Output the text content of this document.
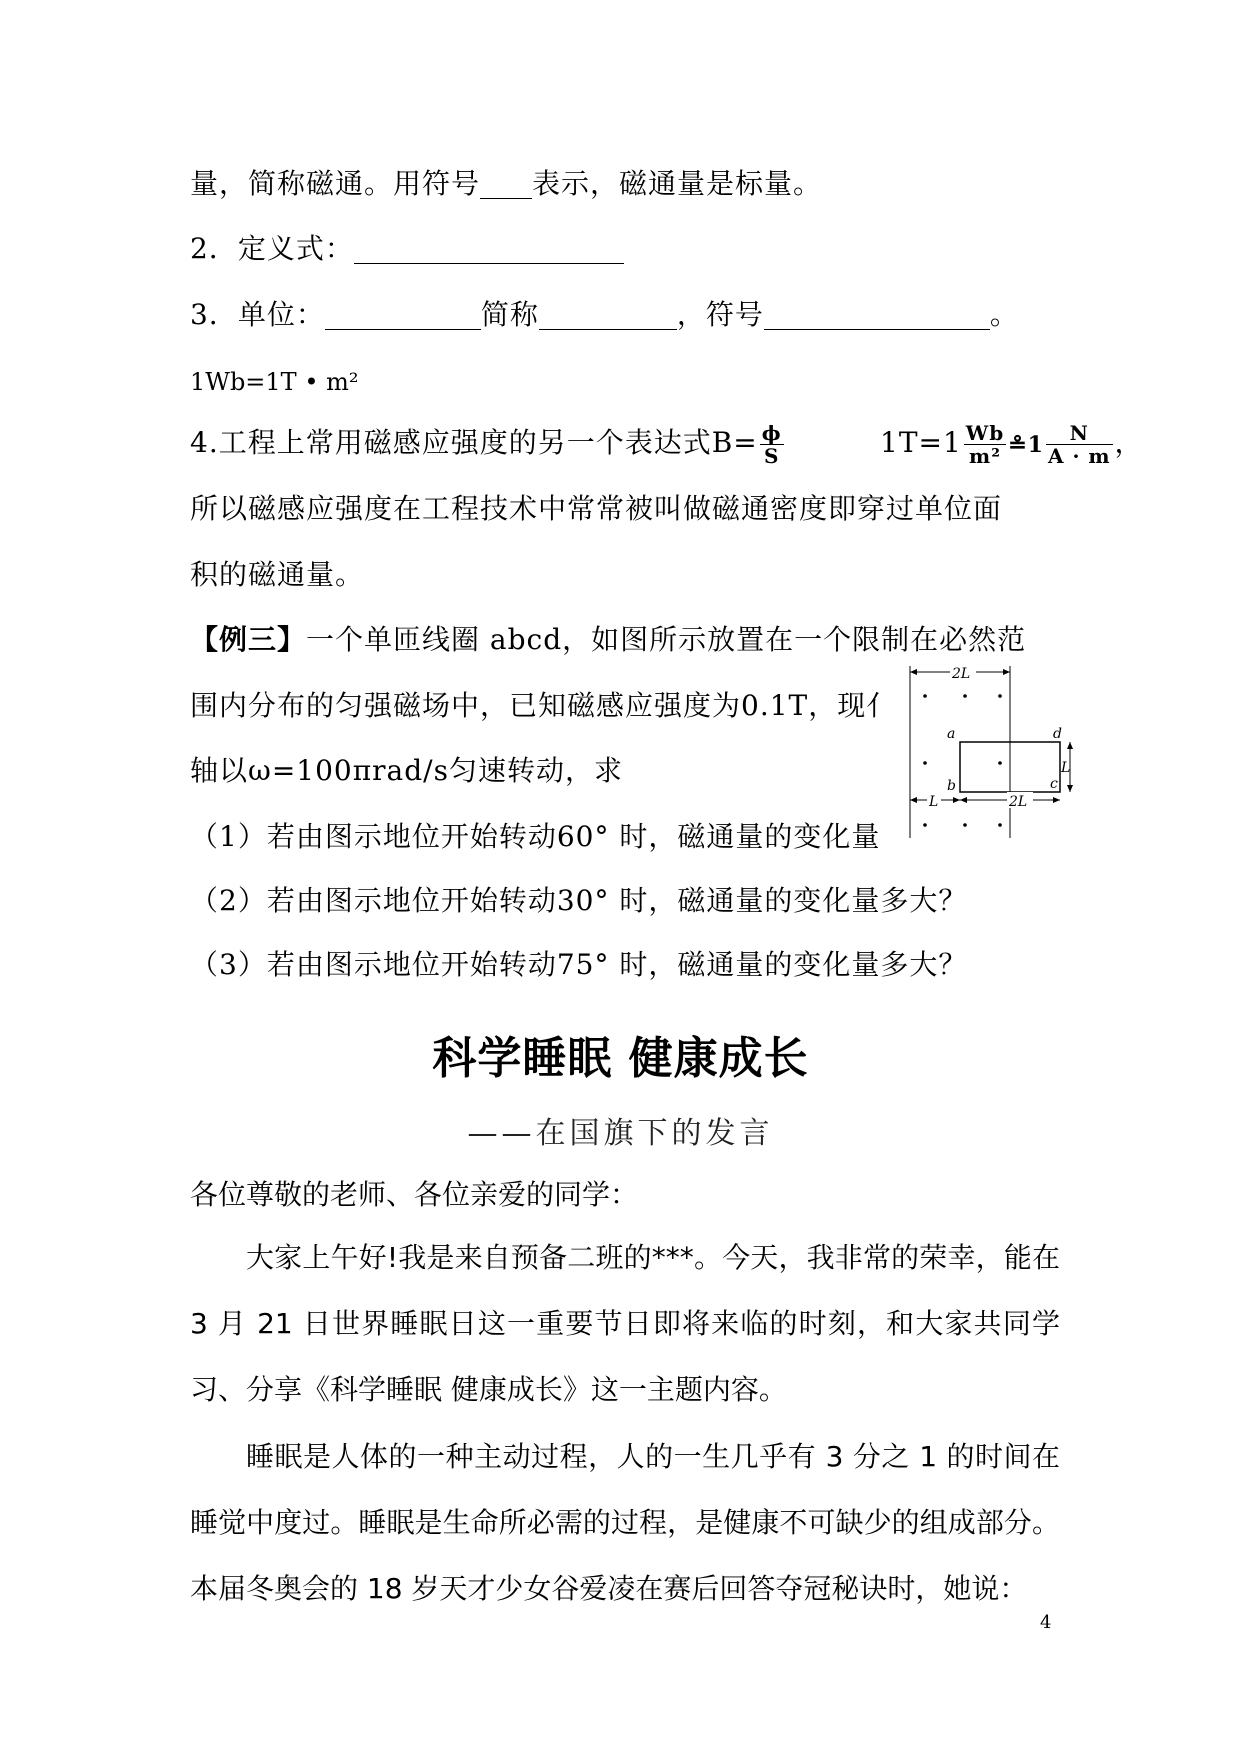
量，简称磁通。用符号 表示，磁通量是标量。
2．定义式：
3．单位：	简称	，符号	。
1Wb=1T • m²
4.工程上常用磁感应强度的另一个表达式$B= \frac{\phi}{S}$	$1T=1 \frac{Wb}{\text{m²}}$ ≗1 $\frac{N}{A \cdot m}$ ，
所以磁感应强度在工程技术中常常被叫做磁通密度即穿过单位面
积的磁通量。
【例三】一个单匝线圈 abcd，如图所示放置在一个限制在必然范
围内分布的匀强磁场中，已知磁感应强度为0.1T，现亻
轴以ω=100πrad/s匀速转动，求
（1）若由图示地位开始转动60° 时，磁通量的变化量
（2）若由图示地位开始转动30° 时，磁通量的变化量多大？
（3）若由图示地位开始转动75° 时，磁通量的变化量多大？
2L
a
b	c
d
L
2L
L
科学睡眠 健康成长
——在国旗下的发言
各位尊敬的老师、各位亲爱的同学：
大家上午好!我是来自预备二班的***。今天，我非常的荣幸，能在 3 月 21 日世界睡眠日这一重要节日即将来临的时刻，和大家共同学习、分享《科学睡眠 健康成长》这一主题内容。
睡眠是人体的一种主动过程，人的一生几乎有 3 分之 1 的时间在睡觉中度过。睡眠是生命所必需的过程，是健康不可缺少的组成部分。本届冬奥会的 18 岁天才少女谷爱凌在赛后回答夺冠秘诀时，她说：
4
